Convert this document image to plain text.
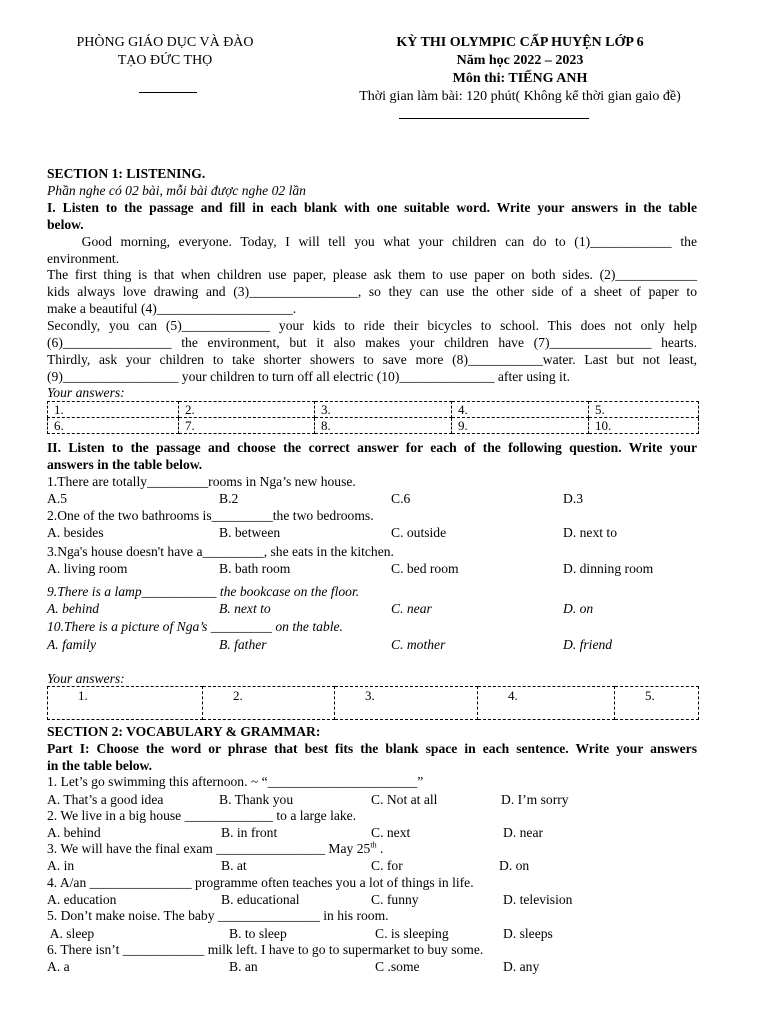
PHÒNG GIÁO DỤC VÀ ĐÀO
TẠO ĐỨC THỌ
KỲ THI OLYMPIC CẤP HUYỆN LỚP 6
Năm học 2022 – 2023
Môn thi: TIẾNG ANH
Thời gian làm bài: 120 phút( Không kể thời gian gaio đề)
SECTION 1: LISTENING.
Phần nghe có 02 bài, mỗi bài được nghe 02 lần
I. Listen to the passage and fill in each blank with one suitable word. Write your answers in the table
below.
Good morning, everyone. Today, I will tell you what your children can do to (1)____________ the
environment.
The first thing is that when children use paper, please ask them to use paper on both sides. (2)____________
kids always love drawing and (3)________________, so they can use the other side of a sheet of paper to
make a beautiful (4)____________________.
Secondly, you can (5)_____________ your kids to ride their bicycles to school. This does not only help
(6)________________ the environment, but it also makes your children have (7)_______________ hearts.
Thirdly, ask your children to take shorter showers to save more (8)___________water. Last but not least,
(9)_________________ your children to turn off all electric (10)______________ after using it.
Your answers:
1.	2.	3.	4.	5.
6.	7.	8.	9.	10.
II. Listen to the passage and choose the correct answer for each of the following question. Write your
answers in the table below.
1.There are totally_________rooms in Nga’s new house.
A.5	B.2	C.6	D.3
2.One of the two bathrooms is_________the two bedrooms.
A. besides	B. between	C. outside	D. next to
3.Nga's house doesn't have a_________, she eats in the kitchen.
A. living room	B. bath room	C. bed room	D. dinning room
9.There is a lamp___________ the bookcase on the floor.
A. behind	B. next to	C. near	D. on
10.There is a picture of Nga’s _________ on the table.
A. family	B. father	C. mother	D. friend
Your answers:
1.	2.	3.	4.	5.
SECTION 2: VOCABULARY & GRAMMAR:
Part I: Choose the word or phrase that best fits the blank space in each sentence. Write your answers
in the table below.
1. Let’s go swimming this afternoon. ~ “______________________”
A. That’s a good idea	B. Thank you	C. Not at all	D. I’m sorry
2. We live in a big house _____________ to a large lake.
A. behind	B. in front	C. next	D. near
3. We will have the final exam ________________ May 25th .
A. in	B. at	C. for	D. on
4. A/an _______________ programme often teaches you a lot of things in life.
A. education	B. educational	C. funny	D. television
5. Don’t make noise. The baby _______________ in his room.
A. sleep	B. to sleep	C. is sleeping	D. sleeps
6. There isn’t ____________ milk left. I have to go to supermarket to buy some.
A. a	B. an	C .some	D. any
